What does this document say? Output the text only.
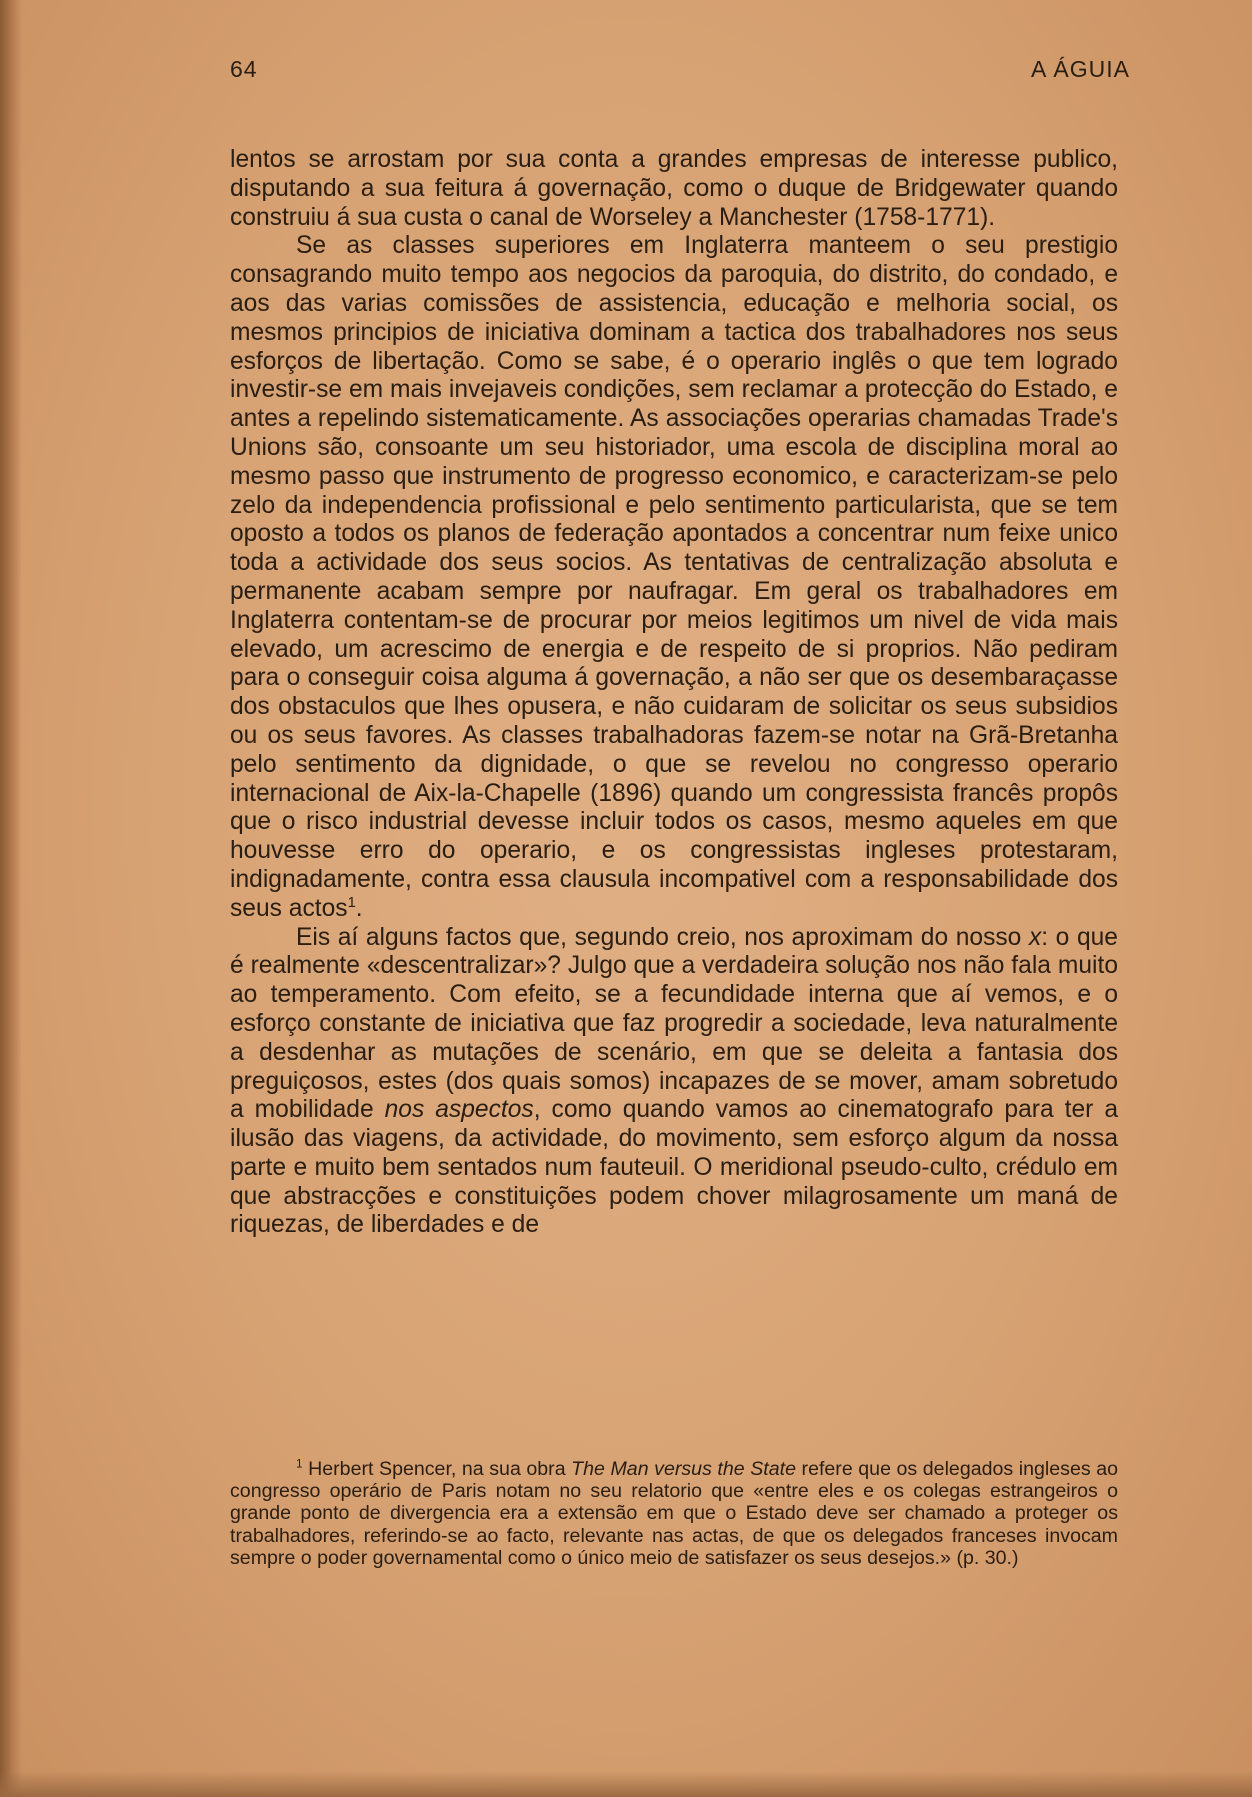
64	A ÁGUIA

lentos se arrostam por sua conta a grandes empresas de interesse publico, disputando a sua feitura á governação, como o duque de Bridgewater quando construiu á sua custa o canal de Worseley a Manchester (1758-1771).

Se as classes superiores em Inglaterra manteem o seu prestigio consagrando muito tempo aos negocios da paroquia, do distrito, do condado, e aos das varias comissões de assistencia, educação e melhoria social, os mesmos principios de iniciativa dominam a tactica dos trabalhadores nos seus esforços de libertação. Como se sabe, é o operario inglês o que tem logrado investir-se em mais invejaveis condições, sem reclamar a protecção do Estado, e antes a repelindo sistematicamente. As associações operarias chamadas Trade's Unions são, consoante um seu historiador, uma escola de disciplina moral ao mesmo passo que instrumento de progresso economico, e caracterizam-se pelo zelo da independencia profissional e pelo sentimento particularista, que se tem oposto a todos os planos de federação apontados a concentrar num feixe unico toda a actividade dos seus socios. As tentativas de centralização absoluta e permanente acabam sempre por naufragar. Em geral os trabalhadores em Inglaterra contentam-se de procurar por meios legitimos um nivel de vida mais elevado, um acrescimo de energia e de respeito de si proprios. Não pediram para o conseguir coisa alguma á governação, a não ser que os desembaraçasse dos obstaculos que lhes opusera, e não cuidaram de solicitar os seus subsidios ou os seus favores. As classes trabalhadoras fazem-se notar na Grã-Bretanha pelo sentimento da dignidade, o que se revelou no congresso operario internacional de Aix-la-Chapelle (1896) quando um congressista francês propôs que o risco industrial devesse incluir todos os casos, mesmo aqueles em que houvesse erro do operario, e os congressistas ingleses protestaram, indignadamente, contra essa clausula incompativel com a responsabilidade dos seus actos$^1$.

Eis aí alguns factos que, segundo creio, nos aproximam do nosso x: o que é realmente «descentralizar»? Julgo que a verdadeira solução nos não fala muito ao temperamento. Com efeito, se a fecundidade interna que aí vemos, e o esforço constante de iniciativa que faz progredir a sociedade, leva naturalmente a desdenhar as mutações de scenário, em que se deleita a fantasia dos preguiçosos, estes (dos quais somos) incapazes de se mover, amam sobretudo a mobilidade nos aspectos, como quando vamos ao cinematografo para ter a ilusão das viagens, da actividade, do movimento, sem esforço algum da nossa parte e muito bem sentados num fauteuil. O meridional pseudo-culto, crédulo em que abstracções e constituições podem chover milagrosamente um maná de riquezas, de liberdades e de

$^1$ Herbert Spencer, na sua obra The Man versus the State refere que os delegados ingleses ao congresso operário de Paris notam no seu relatorio que «entre eles e os colegas estrangeiros o grande ponto de divergencia era a extensão em que o Estado deve ser chamado a proteger os trabalhadores, referindo-se ao facto, relevante nas actas, de que os delegados franceses invocam sempre o poder governamental como o único meio de satisfazer os seus desejos.» (p. 30.)
